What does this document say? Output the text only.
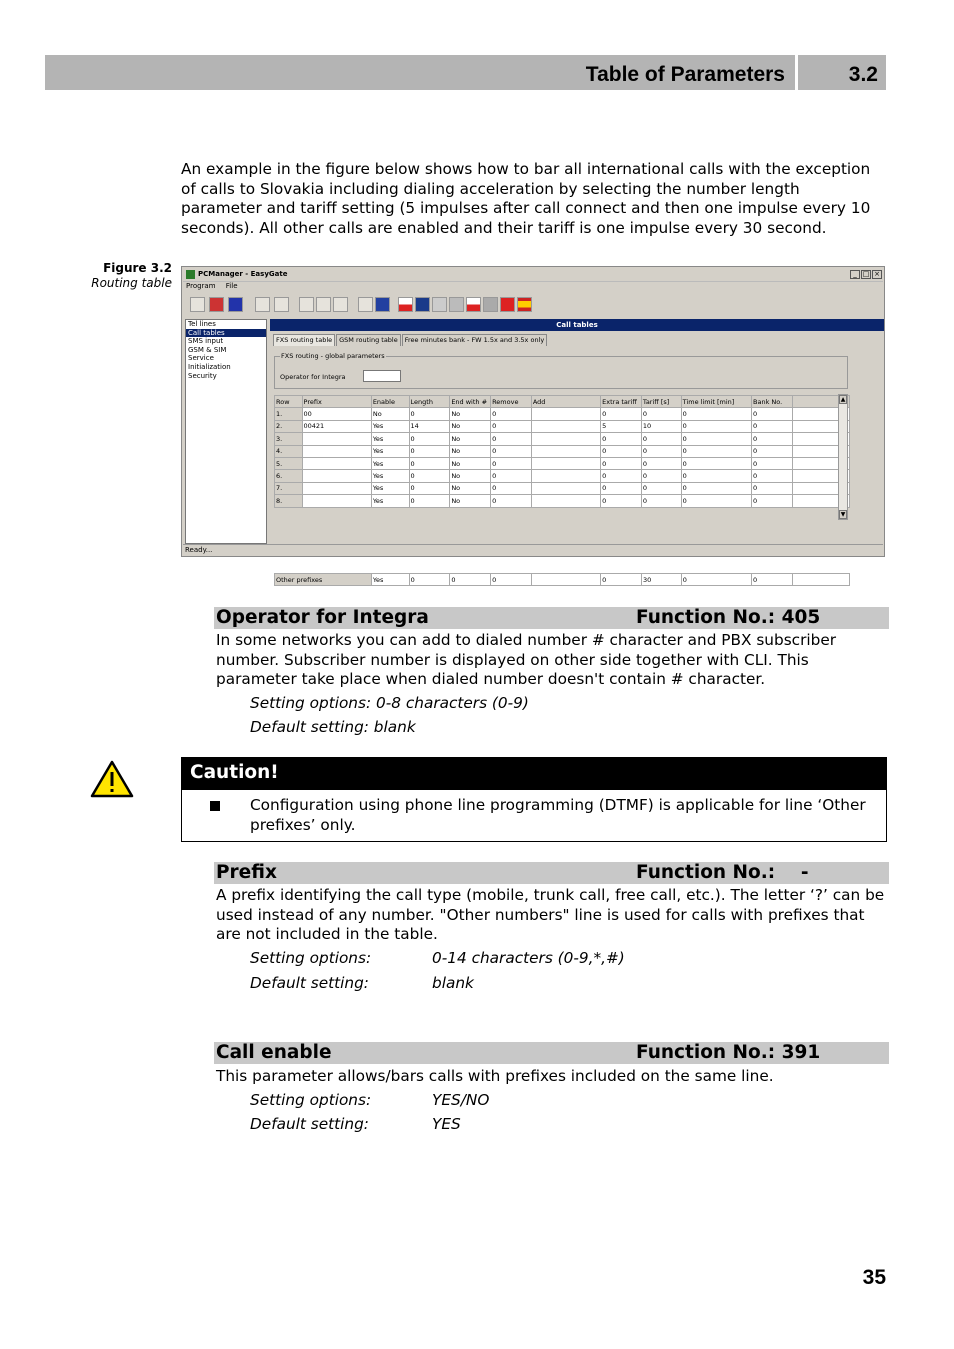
Table of Parameters	3.2
An example in the figure below shows how to bar all international calls with the exception of calls to Slovakia including dialing acceleration by selecting the number length parameter and tariff setting (5 impulses after call connect and then one impulse every 10 seconds). All other calls are enabled and their tariff is one impulse every 30 second.
Figure 3.2
Routing table
PCManager - EasyGate	_ □ ×
Program File
Tel lines
Call tables
SMS input
GSM & SIM
Service
Initialization
Security
Call tables
FXS routing table GSM routing table Free minutes bank - FW 1.5x and 3.5x only
FXS routing - global parameters
Operator for Integra
Row	Prefix	Enable	Length	End with #	Remove	Add	Extra tariff	Tariff [s]	Time limit [min]	Bank No.	
1.	00	No	0	No	0		0	0	0	0	
2.	00421	Yes	14	No	0		5	10	0	0	
3.		Yes	0	No	0		0	0	0	0	
4.		Yes	0	No	0		0	0	0	0	
5.		Yes	0	No	0		0	0	0	0	
6.		Yes	0	No	0		0	0	0	0	
7.		Yes	0	No	0		0	0	0	0	
8.		Yes	0	No	0		0	0	0	0	
▲
▼
Other prefixes	Yes	0	0	0		0	30	0	0	
Ready...
Operator for Integra	Function No.: 405
In some networks you can add to dialed number # character and PBX subscriber number. Subscriber number is displayed on other side together with CLI. This parameter take place when dialed number doesn't contain # character.
Setting options: 0-8 characters (0-9)
Default setting: blank
Caution!
Configuration using phone line programming (DTMF) is applicable for line ‘Other prefixes’ only.
Prefix	Function No.:    -
A prefix identifying the call type (mobile, trunk call, free call, etc.). The letter ‘?’ can be used instead of any number. "Other numbers" line is used for calls with prefixes that are not included in the table.
Setting options:	0-14 characters (0-9,*,#)
Default setting:	blank
Call enable	Function No.: 391
This parameter allows/bars calls with prefixes included on the same line.
Setting options:	YES/NO
Default setting:	YES
35
